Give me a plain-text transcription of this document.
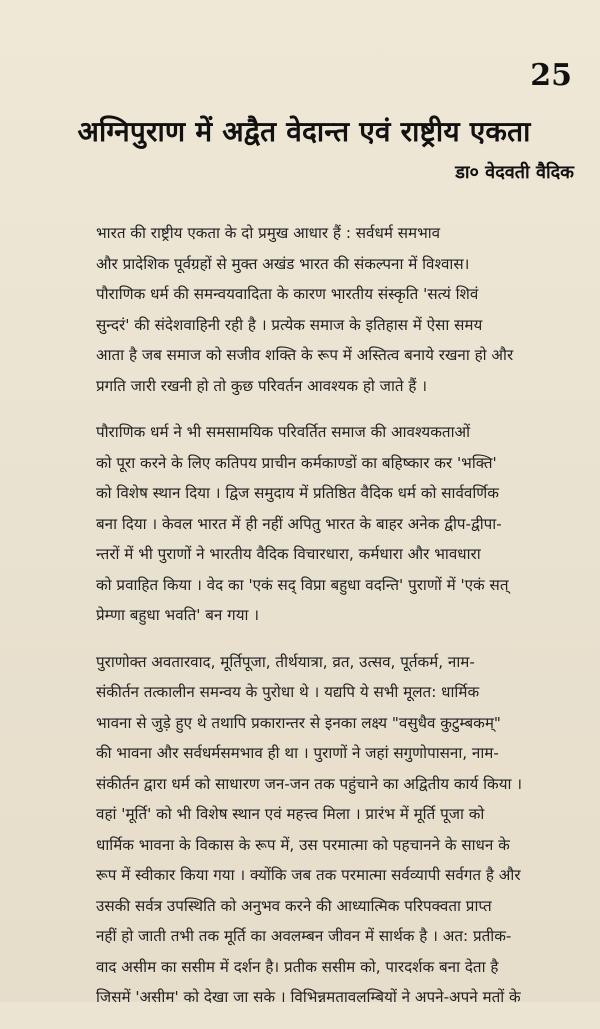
25
अग्निपुराण में अद्वैत वेदान्त एवं राष्ट्रीय एकता
डा० वेदवती वैदिक

भारत की राष्ट्रीय एकता के दो प्रमुख आधार हैं : सर्वधर्म समभाव
और प्रादेशिक पूर्वग्रहों से मुक्त अखंड भारत की संकल्पना में विश्वास।
पौराणिक धर्म की समन्वयवादिता के कारण भारतीय संस्कृति 'सत्यं शिवं
सुन्दरं' की संदेशवाहिनी रही है । प्रत्येक समाज के इतिहास में ऐसा समय
आता है जब समाज को सजीव शक्ति के रूप में अस्तित्व बनाये रखना हो और
प्रगति जारी रखनी हो तो कुछ परिवर्तन आवश्यक हो जाते हैं ।

पौराणिक धर्म ने भी समसामयिक परिवर्तित समाज की आवश्यकताओं
को पूरा करने के लिए कतिपय प्राचीन कर्मकाण्डों का बहिष्कार कर 'भक्ति'
को विशेष स्थान दिया । द्विज समुदाय में प्रतिष्ठित वैदिक धर्म को सार्ववर्णिक
बना दिया । केवल भारत में ही नहीं अपितु भारत के बाहर अनेक द्वीप-द्वीपा-
न्तरों में भी पुराणों ने भारतीय वैदिक विचारधारा, कर्मधारा और भावधारा
को प्रवाहित किया । वेद का 'एकं सद् विप्रा बहुधा वदन्ति' पुराणों में 'एकं सत्
प्रेम्णा बहुधा भवति' बन गया ।

पुराणोक्त अवतारवाद, मूर्तिपूजा, तीर्थयात्रा, व्रत, उत्सव, पूर्तकर्म, नाम-
संकीर्तन तत्कालीन समन्वय के पुरोधा थे । यद्यपि ये सभी मूलत: धार्मिक
भावना से जुड़े हुए थे तथापि प्रकारान्तर से इनका लक्ष्य "वसुधैव कुटुम्बकम्"
की भावना और सर्वधर्मसमभाव ही था । पुराणों ने जहां सगुणोपासना, नाम-
संकीर्तन द्वारा धर्म को साधारण जन-जन तक पहुंचाने का अद्वितीय कार्य किया ।
वहां 'मूर्ति' को भी विशेष स्थान एवं महत्त्व मिला । प्रारंभ में मूर्ति पूजा को
धार्मिक भावना के विकास के रूप में, उस परमात्मा को पहचानने के साधन के
रूप में स्वीकार किया गया । क्योंकि जब तक परमात्मा सर्वव्यापी सर्वगत है और
उसकी सर्वत्र उपस्थिति को अनुभव करने की आध्यात्मिक परिपक्वता प्राप्त
नहीं हो जाती तभी तक मूर्ति का अवलम्बन जीवन में सार्थक है । अत: प्रतीक-
वाद असीम का ससीम में दर्शन है। प्रतीक ससीम को, पारदर्शक बना देता है
जिसमें 'असीम' को देखा जा सके । विभिन्नमतावलम्बियों ने अपने-अपने मतों के
